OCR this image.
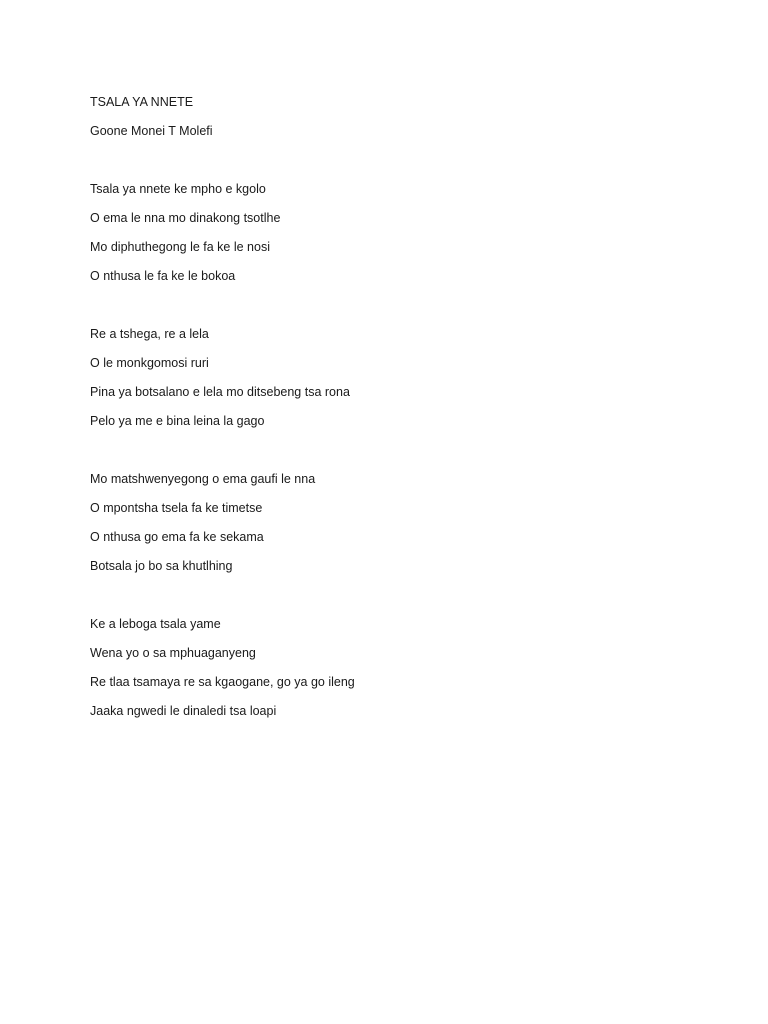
TSALA YA NNETE
Goone Monei T Molefi
Tsala ya nnete ke mpho e kgolo
O ema le nna mo dinakong tsotlhe
Mo diphuthegong le fa ke le nosi
O nthusa le fa ke le bokoa
Re a tshega, re a lela
O le monkgomosi ruri
Pina ya botsalano e lela mo ditsebeng tsa rona
Pelo ya me e bina leina la gago
Mo matshwenyegong o ema gaufi le nna
O mpontsha tsela fa ke timetse
O nthusa go ema fa ke sekama
Botsala jo bo sa khutlhing
Ke a leboga tsala yame
Wena yo o sa mphuaganyeng
Re tlaa tsamaya re sa kgaogane, go ya go ileng
Jaaka ngwedi le dinaledi tsa loapi
